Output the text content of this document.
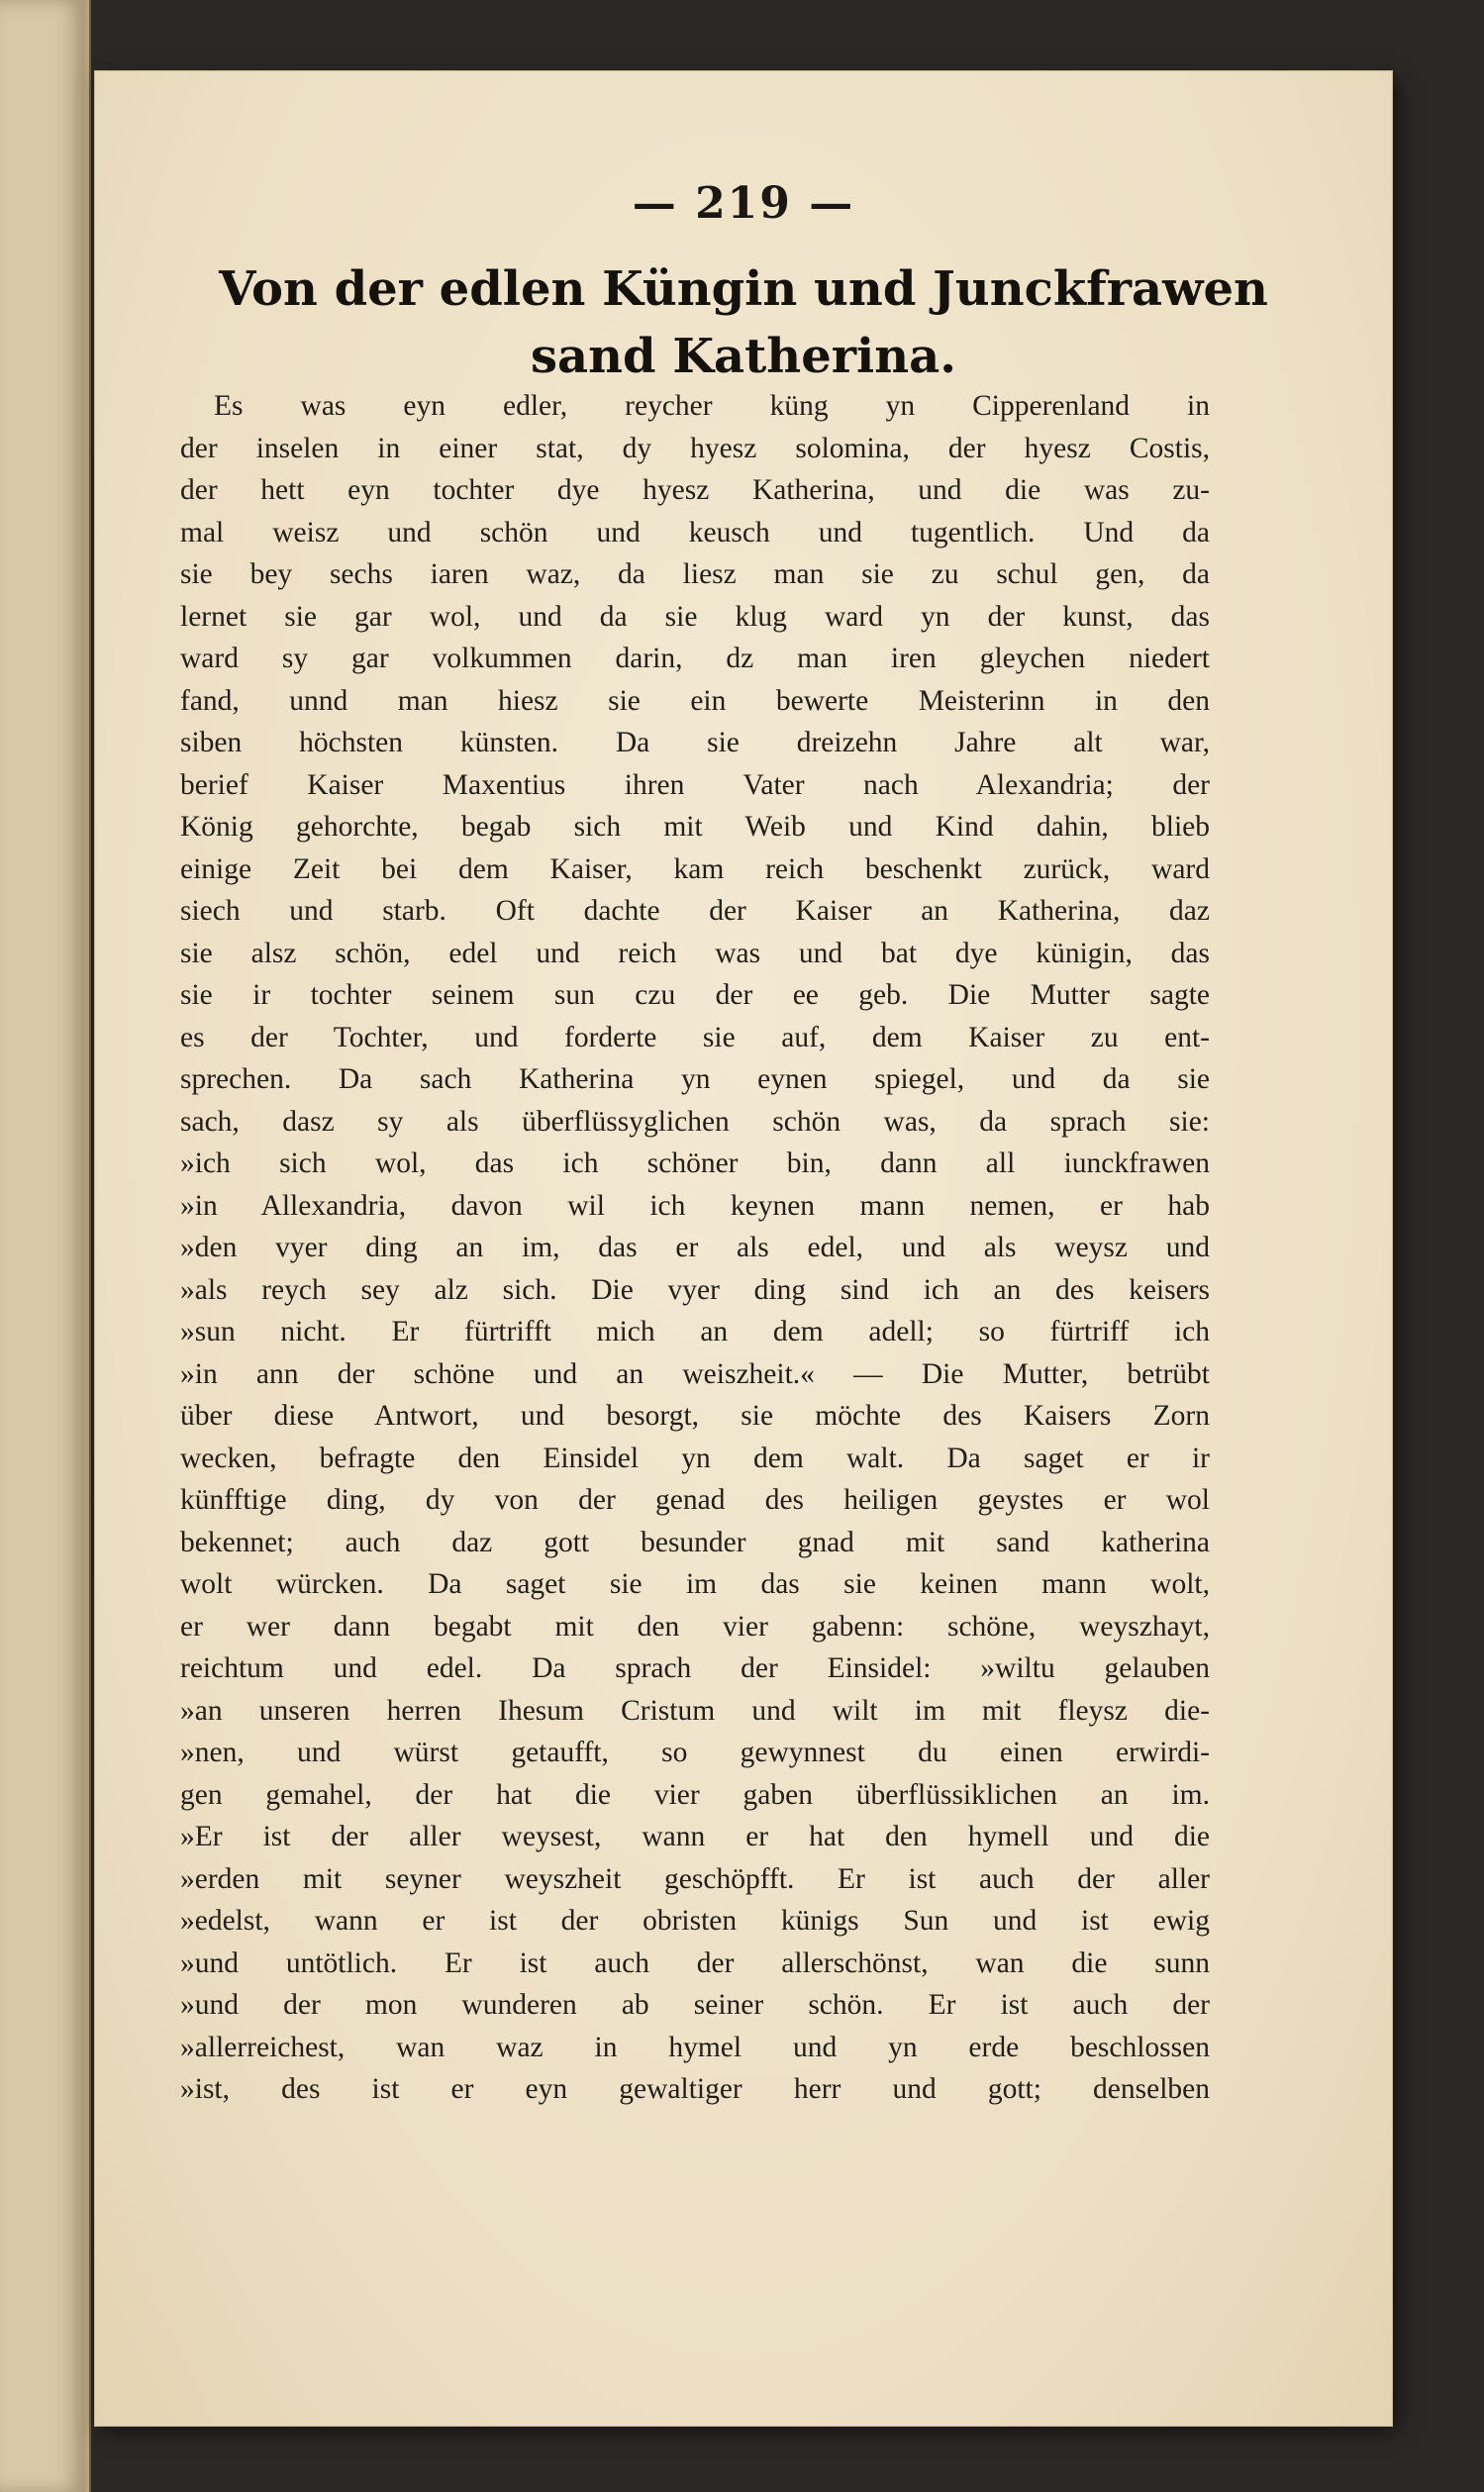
— 219 —
Von der edlen Küngin und Junckfrawen
sand Katherina.
Es was eyn edler, reycher küng yn Cipperenland in
der inselen in einer stat, dy hyesz solomina, der hyesz Costis,
der hett eyn tochter dye hyesz Katherina, und die was zu-
mal weisz und schön und keusch und tugentlich. Und da
sie bey sechs iaren waz, da liesz man sie zu schul gen, da
lernet sie gar wol, und da sie klug ward yn der kunst, das
ward sy gar volkummen darin, dz man iren gleychen niedert
fand, unnd man hiesz sie ein bewerte Meisterinn in den
siben höchsten künsten. Da sie dreizehn Jahre alt war,
berief Kaiser Maxentius ihren Vater nach Alexandria; der
König gehorchte, begab sich mit Weib und Kind dahin, blieb
einige Zeit bei dem Kaiser, kam reich beschenkt zurück, ward
siech und starb. Oft dachte der Kaiser an Katherina, daz
sie alsz schön, edel und reich was und bat dye künigin, das
sie ir tochter seinem sun czu der ee geb. Die Mutter sagte
es der Tochter, und forderte sie auf, dem Kaiser zu ent-
sprechen. Da sach Katherina yn eynen spiegel, und da sie
sach, dasz sy als überflüssyglichen schön was, da sprach sie:
»ich sich wol, das ich schöner bin, dann all iunckfrawen
»in Allexandria, davon wil ich keynen mann nemen, er hab
»den vyer ding an im, das er als edel, und als weysz und
»als reych sey alz sich. Die vyer ding sind ich an des keisers
»sun nicht. Er fürtrifft mich an dem adell; so fürtriff ich
»in ann der schöne und an weiszheit.« — Die Mutter, betrübt
über diese Antwort, und besorgt, sie möchte des Kaisers Zorn
wecken, befragte den Einsidel yn dem walt. Da saget er ir
künfftige ding, dy von der genad des heiligen geystes er wol
bekennet; auch daz gott besunder gnad mit sand katherina
wolt würcken. Da saget sie im das sie keinen mann wolt,
er wer dann begabt mit den vier gabenn: schöne, weyszhayt,
reichtum und edel. Da sprach der Einsidel: »wiltu gelauben
»an unseren herren Ihesum Cristum und wilt im mit fleysz die-
»nen, und würst getaufft, so gewynnest du einen erwirdi-
gen gemahel, der hat die vier gaben überflüssiklichen an im.
»Er ist der aller weysest, wann er hat den hymell und die
»erden mit seyner weyszheit geschöpfft. Er ist auch der aller
»edelst, wann er ist der obristen künigs Sun und ist ewig
»und untötlich. Er ist auch der allerschönst, wan die sunn
»und der mon wunderen ab seiner schön. Er ist auch der
»allerreichest, wan waz in hymel und yn erde beschlossen
»ist, des ist er eyn gewaltiger herr und gott; denselben
